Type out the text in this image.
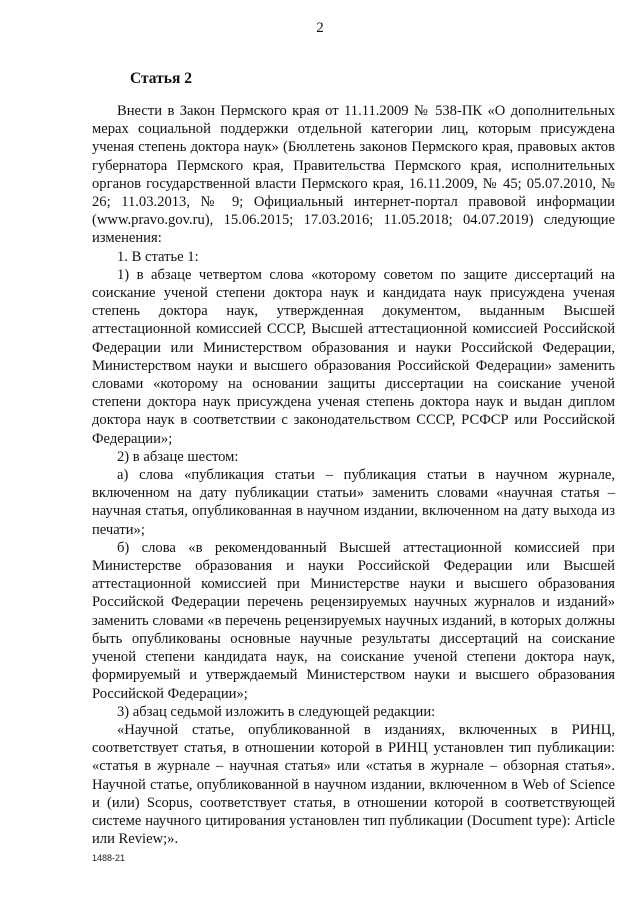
2
Статья 2

Внести в Закон Пермского края от 11.11.2009 № 538-ПК «О дополнительных мерах социальной поддержки отдельной категории лиц, которым присуждена ученая степень доктора наук» (Бюллетень законов Пермского края, правовых актов губернатора Пермского края, Правительства Пермского края, исполнительных органов государственной власти Пермского края, 16.11.2009, № 45; 05.07.2010, № 26; 11.03.2013, № 9; Официальный интернет-портал правовой информации (www.pravo.gov.ru), 15.06.2015; 17.03.2016; 11.05.2018; 04.07.2019) следующие изменения:

1. В статье 1:

1) в абзаце четвертом слова «которому советом по защите диссертаций на соискание ученой степени доктора наук и кандидата наук присуждена ученая степень доктора наук, утвержденная документом, выданным Высшей аттестационной комиссией СССР, Высшей аттестационной комиссией Российской Федерации или Министерством образования и науки Российской Федерации, Министерством науки и высшего образования Российской Федерации» заменить словами «которому на основании защиты диссертации на соискание ученой степени доктора наук присуждена ученая степень доктора наук и выдан диплом доктора наук в соответствии с законодательством СССР, РСФСР или Российской Федерации»;

2) в абзаце шестом:

а) слова «публикация статьи – публикация статьи в научном журнале, включенном на дату публикации статьи» заменить словами «научная статья – научная статья, опубликованная в научном издании, включенном на дату выхода из печати»;

б) слова «в рекомендованный Высшей аттестационной комиссией при Министерстве образования и науки Российской Федерации или Высшей аттестационной комиссией при Министерстве науки и высшего образования Российской Федерации перечень рецензируемых научных журналов и изданий» заменить словами «в перечень рецензируемых научных изданий, в которых должны быть опубликованы основные научные результаты диссертаций на соискание ученой степени кандидата наук, на соискание ученой степени доктора наук, формируемый и утверждаемый Министерством науки и высшего образования Российской Федерации»;

3) абзац седьмой изложить в следующей редакции:

«Научной статье, опубликованной в изданиях, включенных в РИНЦ, соответствует статья, в отношении которой в РИНЦ установлен тип публикации: «статья в журнале – научная статья» или «статья в журнале – обзорная статья». Научной статье, опубликованной в научном издании, включенном в Web of Science и (или) Scopus, соответствует статья, в отношении которой в соответствующей системе научного цитирования установлен тип публикации (Document type): Article или Review;».

1488-21
